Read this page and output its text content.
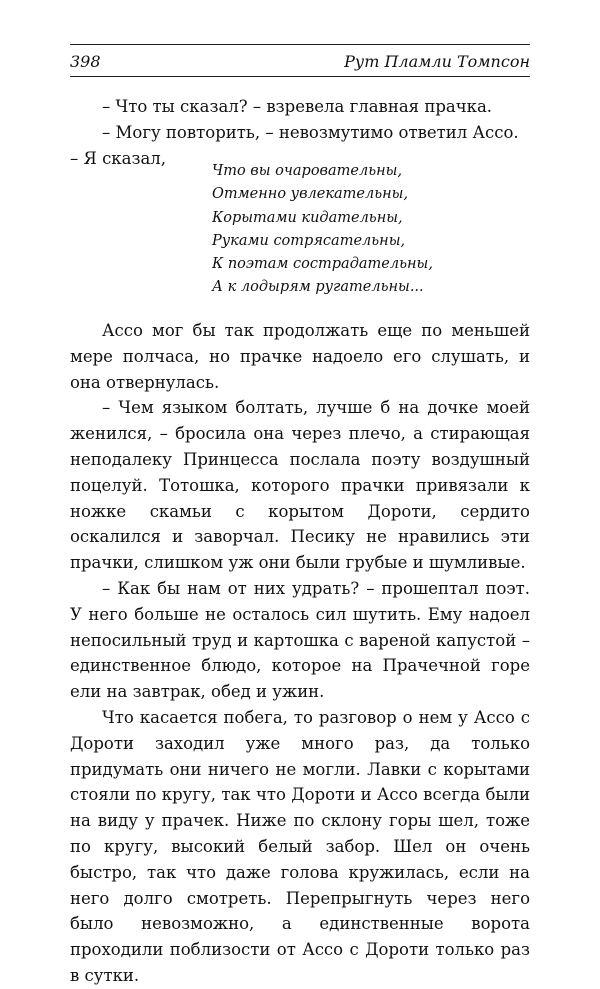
398	Рут Пламли Томпсон

– Что ты сказал? – взревела главная прачка.

– Могу повторить, – невозмутимо ответил Ассо. – Я сказал,

Что вы очаровательны,
Отменно увлекательны,
Корытами кидательны,
Руками сотрясательны,
К поэтам сострадательны,
А к лодырям ругательны...

Ассо мог бы так продолжать еще по меньшей мере полчаса, но прачке надоело его слушать, и она отвернулась.

– Чем языком болтать, лучше б на дочке моей женился, – бросила она через плечо, а стирающая неподалеку Принцесса послала поэту воздушный поцелуй. Тотошка, которого прачки привязали к ножке скамьи с корытом Дороти, сердито оскалился и заворчал. Песику не нравились эти прачки, слишком уж они были грубые и шумливые.

– Как бы нам от них удрать? – прошептал поэт. У него больше не осталось сил шутить. Ему надоел непосильный труд и картошка с вареной капустой – единственное блюдо, которое на Прачечной горе ели на завтрак, обед и ужин.

Что касается побега, то разговор о нем у Ассо с Дороти заходил уже много раз, да только придумать они ничего не могли. Лавки с корытами стояли по кругу, так что Дороти и Ассо всегда были на виду у прачек. Ниже по склону горы шел, тоже по кругу, высокий белый забор. Шел он очень быстро, так что даже голова кружилась, если на него долго смотреть. Перепрыгнуть через него было невозможно, а единственные ворота проходили поблизости от Ассо с Дороти только раз в сутки.
